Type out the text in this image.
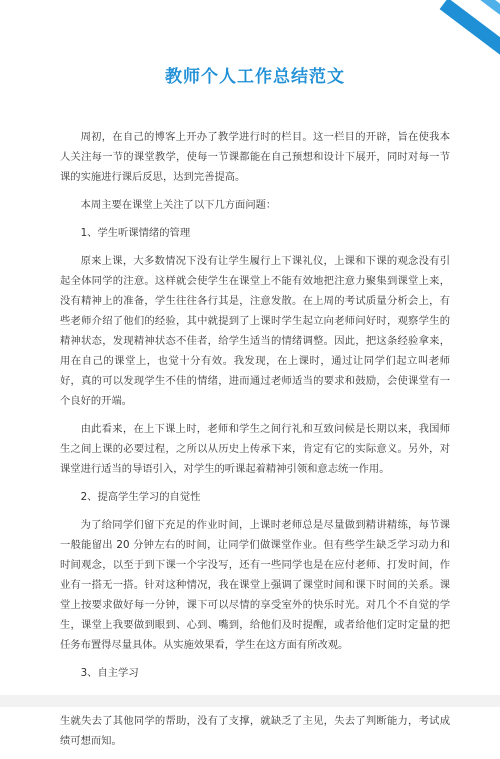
教师个人工作总结范文

周初，在自己的博客上开办了教学进行时的栏目。这一栏目的开辟，旨在使我本人关注每一节的课堂教学，使每一节课都能在自己预想和设计下展开，同时对每一节课的实施进行课后反思，达到完善提高。

本周主要在课堂上关注了以下几方面问题：

1、学生听课情绪的管理

原来上课，大多数情况下没有让学生履行上下课礼仪，上课和下课的观念没有引起全体同学的注意。这样就会使学生在课堂上不能有效地把注意力聚集到课堂上来，没有精神上的准备，学生往往各行其是，注意发散。在上周的考试质量分析会上，有些老师介绍了他们的经验，其中就提到了上课时学生起立向老师问好时，观察学生的精神状态，发现精神状态不佳者，给学生适当的情绪调整。因此，把这条经验拿来，用在自己的课堂上，也觉十分有效。我发现，在上课时，通过让同学们起立叫老师好，真的可以发现学生不佳的情绪，进而通过老师适当的要求和鼓励，会使课堂有一个良好的开端。

由此看来，在上下课上时，老师和学生之间行礼和互致问候是长期以来，我国师生之间上课的必要过程，之所以从历史上传承下来，肯定有它的实际意义。另外，对课堂进行适当的导语引入，对学生的听课起着精神引领和意志统一作用。

2、提高学生学习的自觉性

为了给同学们留下充足的作业时间，上课时老师总是尽量做到精讲精练，每节课一般能留出 20 分钟左右的时间，让同学们做课堂作业。但有些学生缺乏学习动力和时间观念，以至于到下课一个字没写，还有一些同学也是在应付老师、打发时间，作业有一搭无一搭。针对这种情况，我在课堂上强调了课堂时间和课下时间的关系。课堂上按要求做好每一分钟，课下可以尽情的享受室外的快乐时光。对几个不自觉的学生，课堂上我要做到眼到、心到、嘴到，给他们及时提醒，或者给他们定时定量的把任务布置得尽量具体。从实施效果看，学生在这方面有所改观。

3、自主学习

生就失去了其他同学的帮助，没有了支撑，就缺乏了主见，失去了判断能力，考试成绩可想而知。
